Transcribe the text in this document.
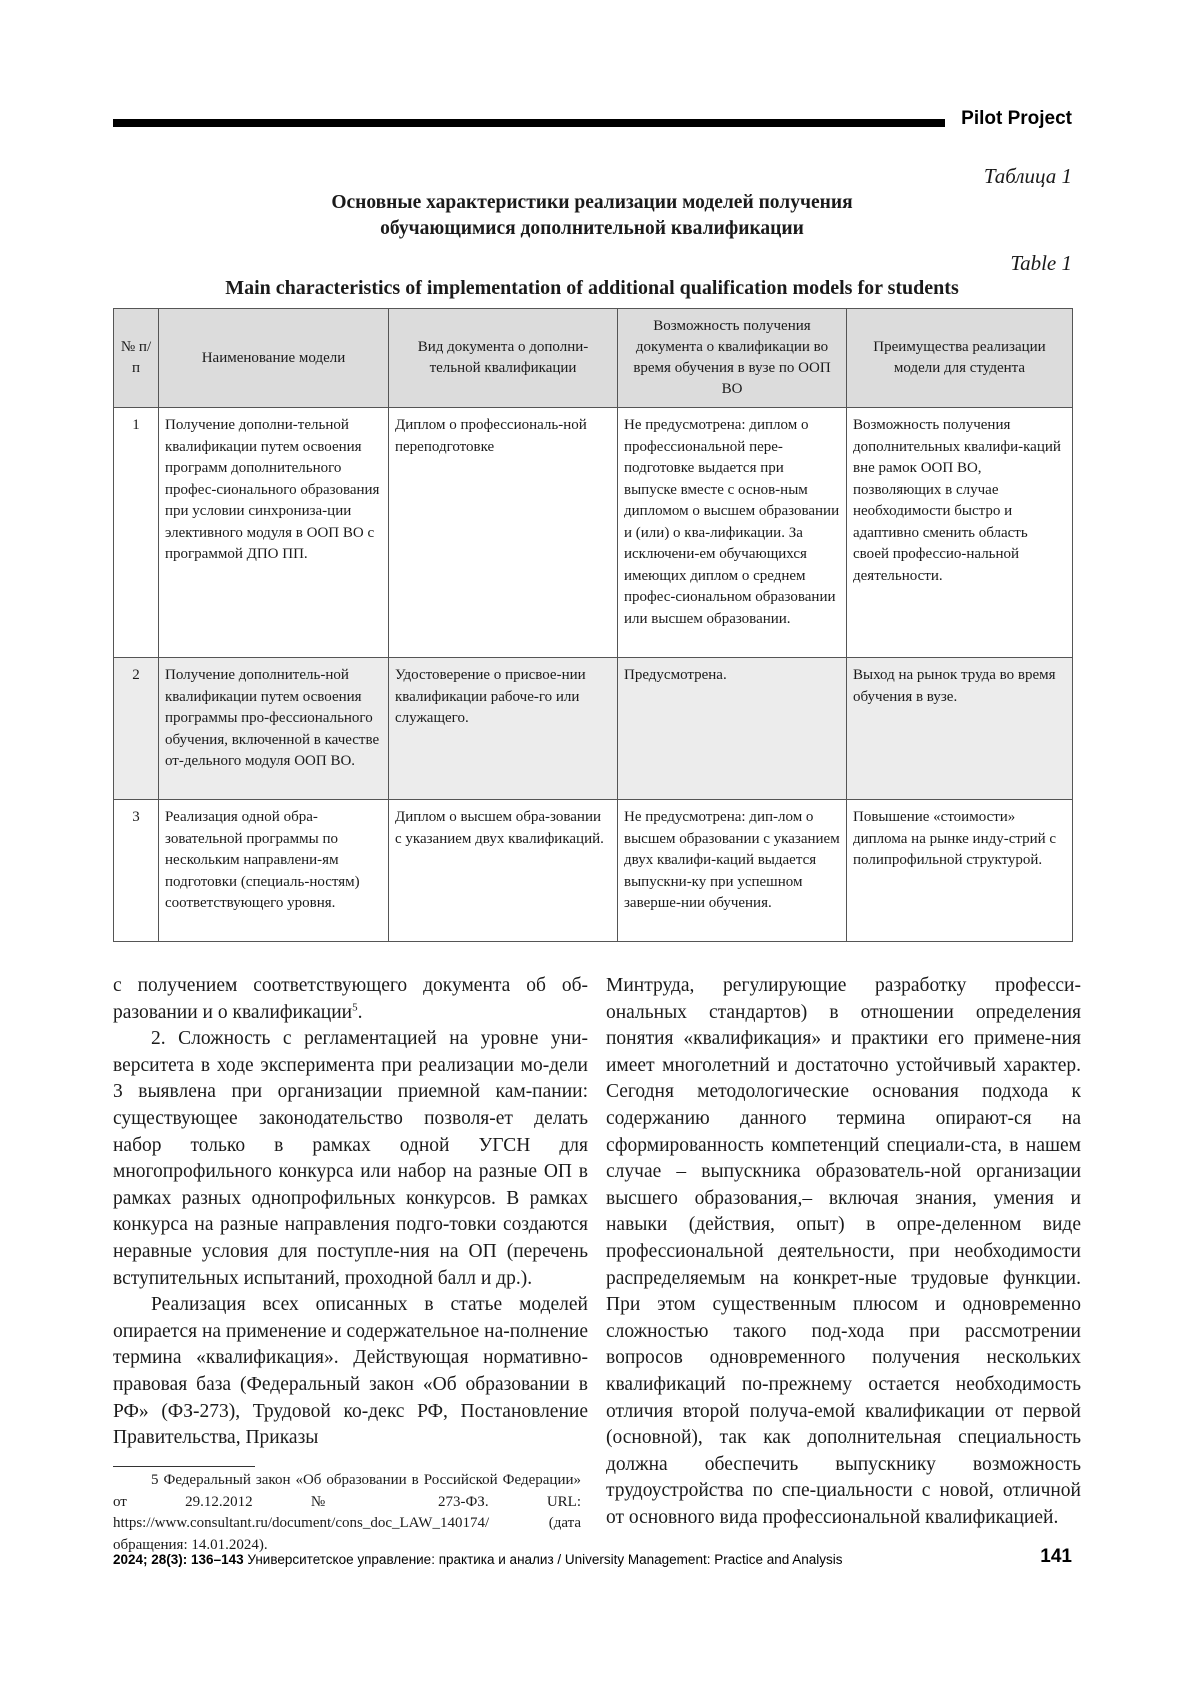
Pilot Project
Таблица 1
Основные характеристики реализации моделей получения
обучающимися дополнительной квалификации
Table 1
Main characteristics of implementation of additional qualification models for students
№ п/п	Наименование модели	Вид документа о дополни-тельной квалификации	Возможность получения документа о квалификации во время обучения в вузе по ООП ВО	Преимущества реализации модели для студента
1	Получение дополни-тельной квалификации путем освоения программ дополнительного профес-сионального образования при условии синхрониза-ции элективного модуля в ООП ВО с программой ДПО ПП.	Диплом о профессиональ-ной переподготовке	Не предусмотрена: диплом о профессиональной пере-подготовке выдается при выпуске вместе с основ-ным дипломом о высшем образовании и (или) о ква-лификации. За исключени-ем обучающихся имеющих диплом о среднем профес-сиональном образовании или высшем образовании.	Возможность получения дополнительных квалифи-каций вне рамок ООП ВО, позволяющих в случае необходимости быстро и адаптивно сменить область своей профессио-нальной деятельности.
2	Получение дополнитель-ной квалификации путем освоения программы про-фессионального обучения, включенной в качестве от-дельного модуля ООП ВО.	Удостоверение о присвое-нии квалификации рабоче-го или служащего.	Предусмотрена.	Выход на рынок труда во время обучения в вузе.
3	Реализация одной обра-зовательной программы по нескольким направлени-ям подготовки (специаль-ностям) соответствующего уровня.	Диплом о высшем обра-зовании с указанием двух квалификаций.	Не предусмотрена: дип-лом о высшем образовании с указанием двух квалифи-каций выдается выпускни-ку при успешном заверше-нии обучения.	Повышение «стоимости» диплома на рынке инду-стрий с полипрофильной структурой.

с получением соответствующего документа об об-разовании и о квалификации$^5$.

2. Сложность с регламентацией на уровне уни-верситета в ходе эксперимента при реализации мо-дели 3 выявлена при организации приемной кам-пании: существующее законодательство позволя-ет делать набор только в рамках одной УГСН для многопрофильного конкурса или набор на разные ОП в рамках разных однопрофильных конкурсов. В рамках конкурса на разные направления подго-товки создаются неравные условия для поступле-ния на ОП (перечень вступительных испытаний, проходной балл и др.).

Реализация всех описанных в статье моделей опирается на применение и содержательное на-полнение термина «квалификация». Действующая нормативно-правовая база (Федеральный закон «Об образовании в РФ» (ФЗ-273), Трудовой ко-декс РФ, Постановление Правительства, Приказы

Минтруда, регулирующие разработку професси-ональных стандартов) в отношении определения понятия «квалификация» и практики его примене-ния имеет многолетний и достаточно устойчивый характер. Сегодня методологические основания подхода к содержанию данного термина опирают-ся на сформированность компетенций специали-ста, в нашем случае – выпускника образователь-ной организации высшего образования,– включая знания, умения и навыки (действия, опыт) в опре-деленном виде профессиональной деятельности, при необходимости распределяемым на конкрет-ные трудовые функции. При этом существенным плюсом и одновременно сложностью такого под-хода при рассмотрении вопросов одновременного получения нескольких квалификаций по-прежнему остается необходимость отличия второй получа-емой квалификации от первой (основной), так как дополнительная специальность должна обеспечить выпускнику возможность трудоустройства по спе-циальности с новой, отличной от основного вида профессиональной квалификацией.

5 Федеральный закон «Об образовании в Российской Федерации» от 29.12.2012 № 273-ФЗ. URL: https://www.consultant.ru/document/cons_doc_LAW_140174/ (дата обращения: 14.01.2024).

2024; 28(3): 136–143 Университетское управление: практика и анализ / University Management: Practice and Analysis	141
